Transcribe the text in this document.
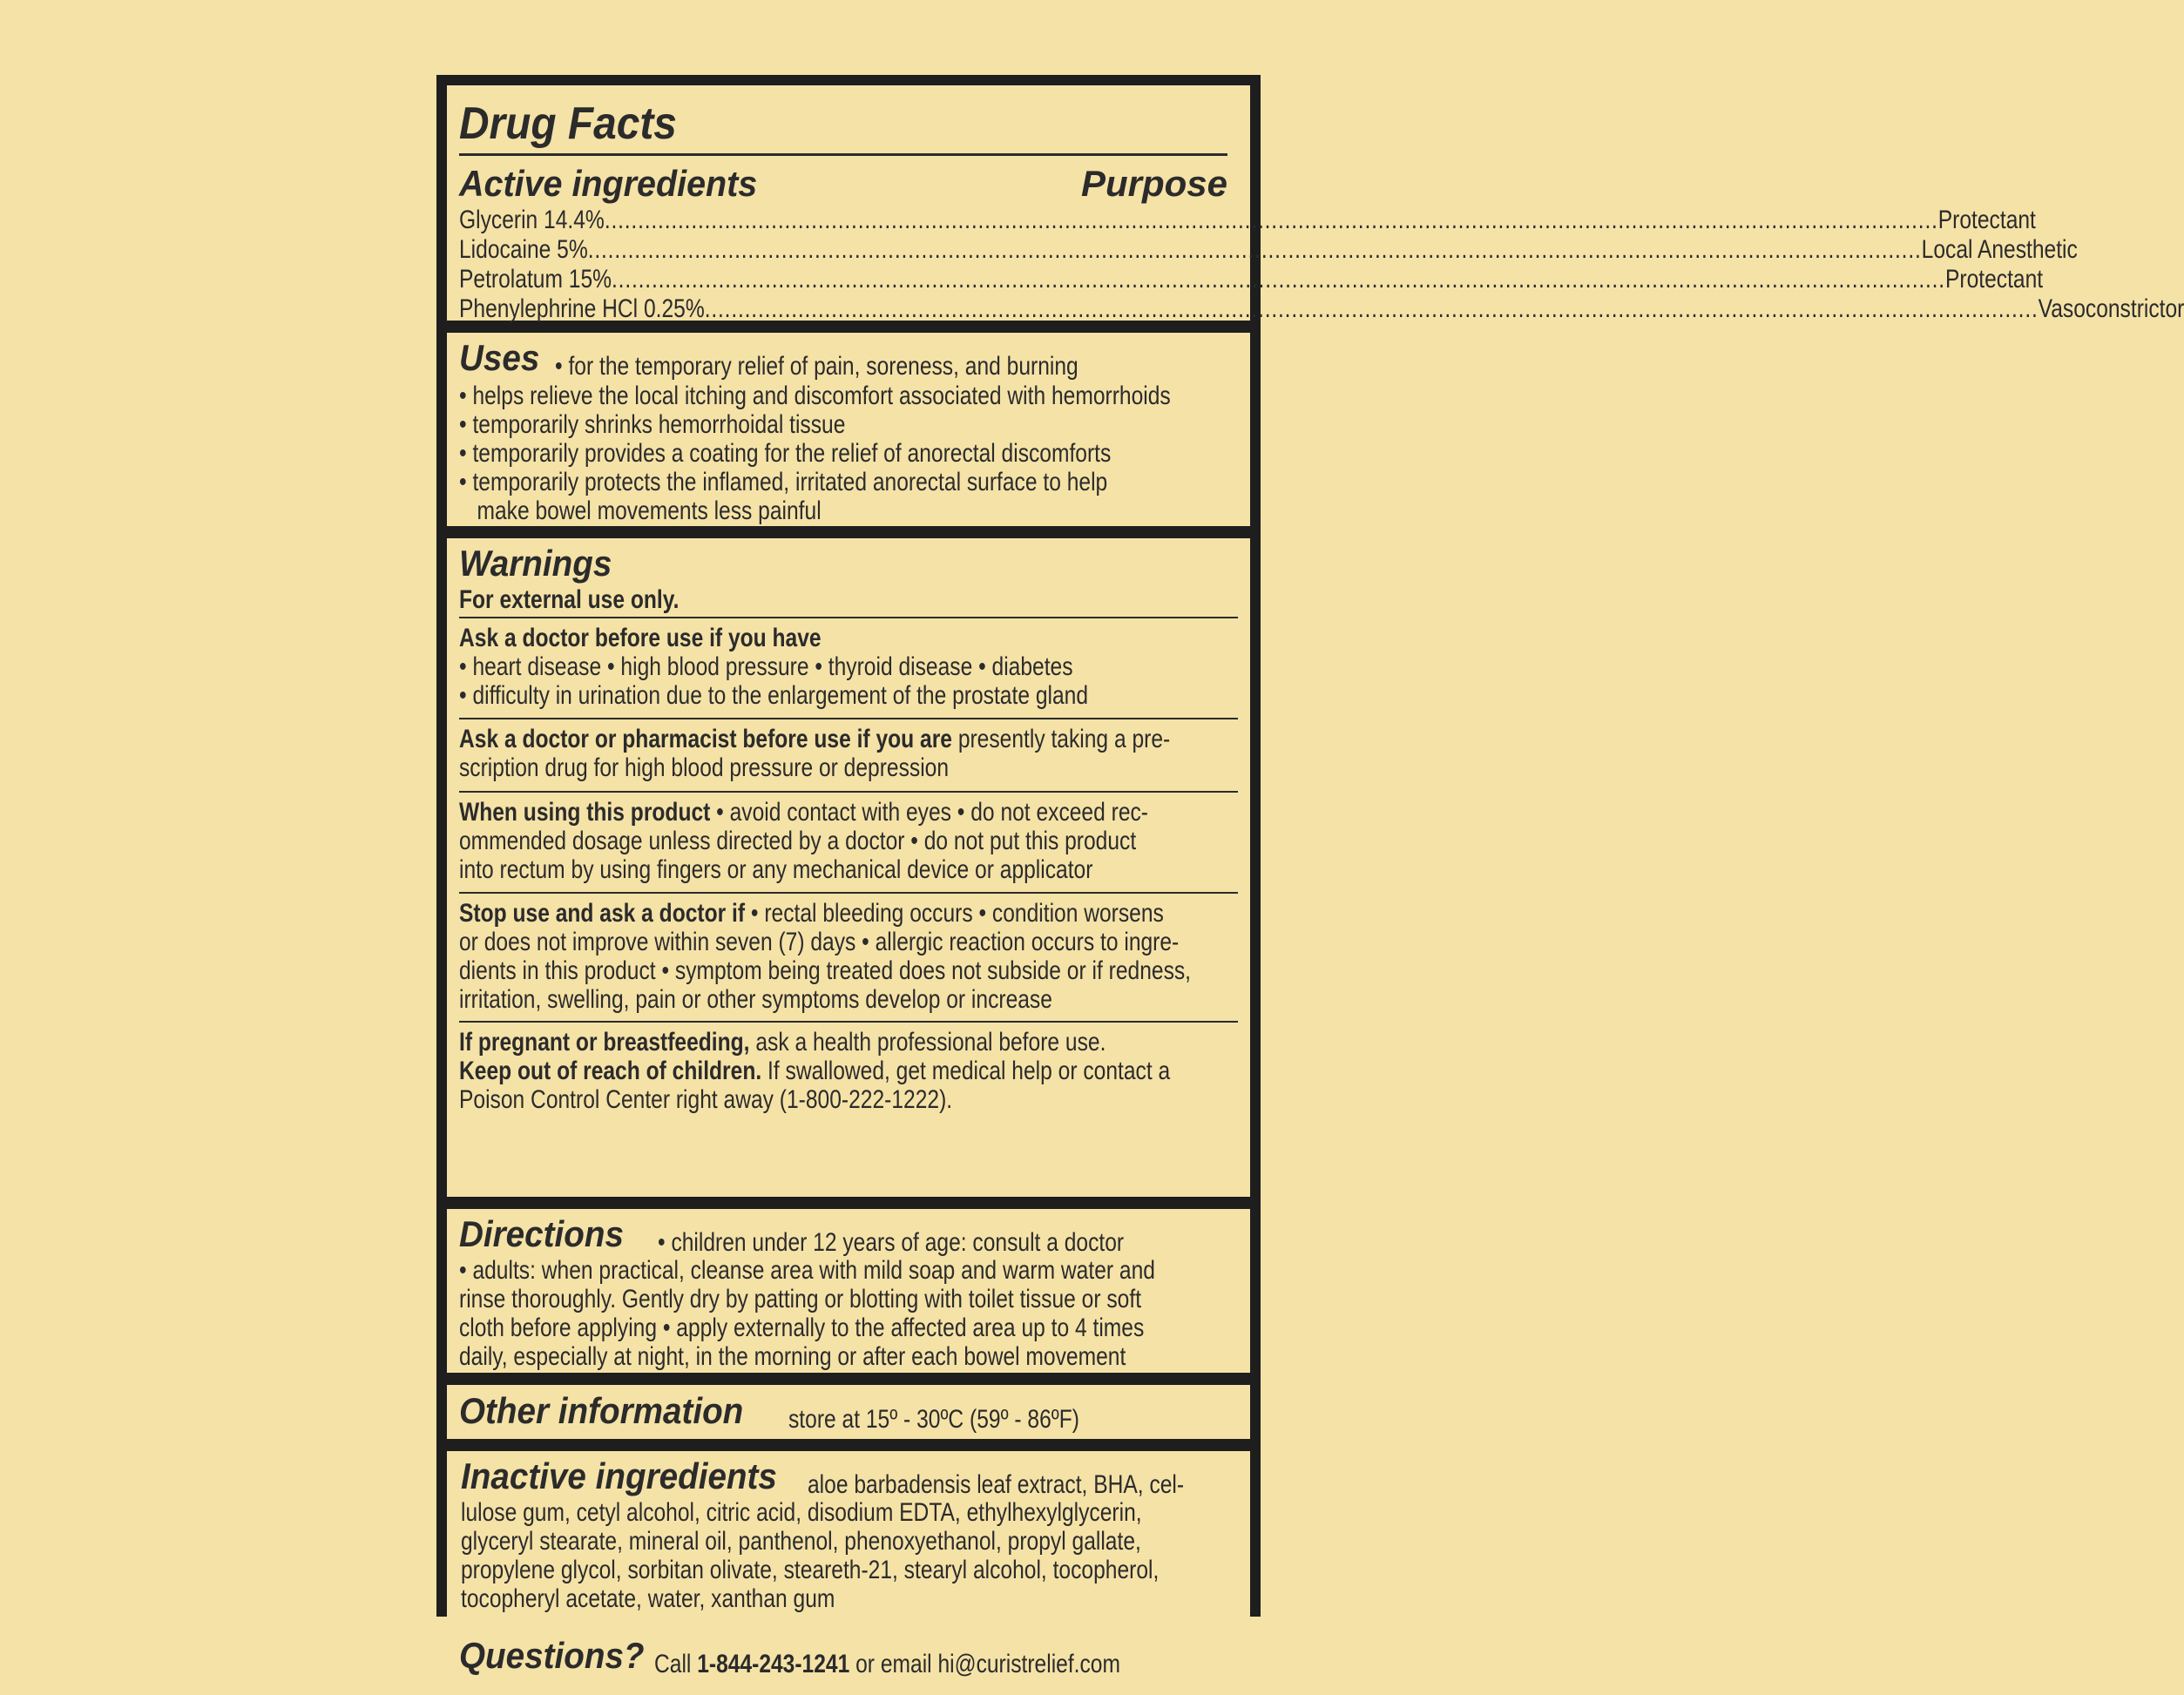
Drug Facts
Active ingredients	Purpose
Glycerin 14.4% ........................................................................................................................................................................................................ Protectant
Lidocaine 5% ........................................................................................................................................................................................................ Local Anesthetic
Petrolatum 15% ........................................................................................................................................................................................................ Protectant
Phenylephrine HCl 0.25% ........................................................................................................................................................................................................ Vasoconstrictor
Uses • for the temporary relief of pain, soreness, and burning
• helps relieve the local itching and discomfort associated with hemorrhoids
• temporarily shrinks hemorrhoidal tissue
• temporarily provides a coating for the relief of anorectal discomforts
• temporarily protects the inflamed, irritated anorectal surface to help
make bowel movements less painful
Warnings
For external use only.
Ask a doctor before use if you have
• heart disease • high blood pressure • thyroid disease • diabetes
• difficulty in urination due to the enlargement of the prostate gland
Ask a doctor or pharmacist before use if you are presently taking a pre-
scription drug for high blood pressure or depression
When using this product • avoid contact with eyes • do not exceed rec-
ommended dosage unless directed by a doctor • do not put this product
into rectum by using fingers or any mechanical device or applicator
Stop use and ask a doctor if • rectal bleeding occurs • condition worsens
or does not improve within seven (7) days • allergic reaction occurs to ingre-
dients in this product • symptom being treated does not subside or if redness,
irritation, swelling, pain or other symptoms develop or increase
If pregnant or breastfeeding, ask a health professional before use.
Keep out of reach of children. If swallowed, get medical help or contact a
Poison Control Center right away (1-800-222-1222).
Directions • children under 12 years of age: consult a doctor
• adults: when practical, cleanse area with mild soap and warm water and
rinse thoroughly. Gently dry by patting or blotting with toilet tissue or soft
cloth before applying • apply externally to the affected area up to 4 times
daily, especially at night, in the morning or after each bowel movement
Other information store at 15º - 30ºC (59º - 86ºF)
Inactive ingredients aloe barbadensis leaf extract, BHA, cel-
lulose gum, cetyl alcohol, citric acid, disodium EDTA, ethylhexylglycerin,
glyceryl stearate, mineral oil, panthenol, phenoxyethanol, propyl gallate,
propylene glycol, sorbitan olivate, steareth-21, stearyl alcohol, tocopherol,
tocopheryl acetate, water, xanthan gum
Questions? Call 1-844-243-1241 or email hi@curistrelief.com
